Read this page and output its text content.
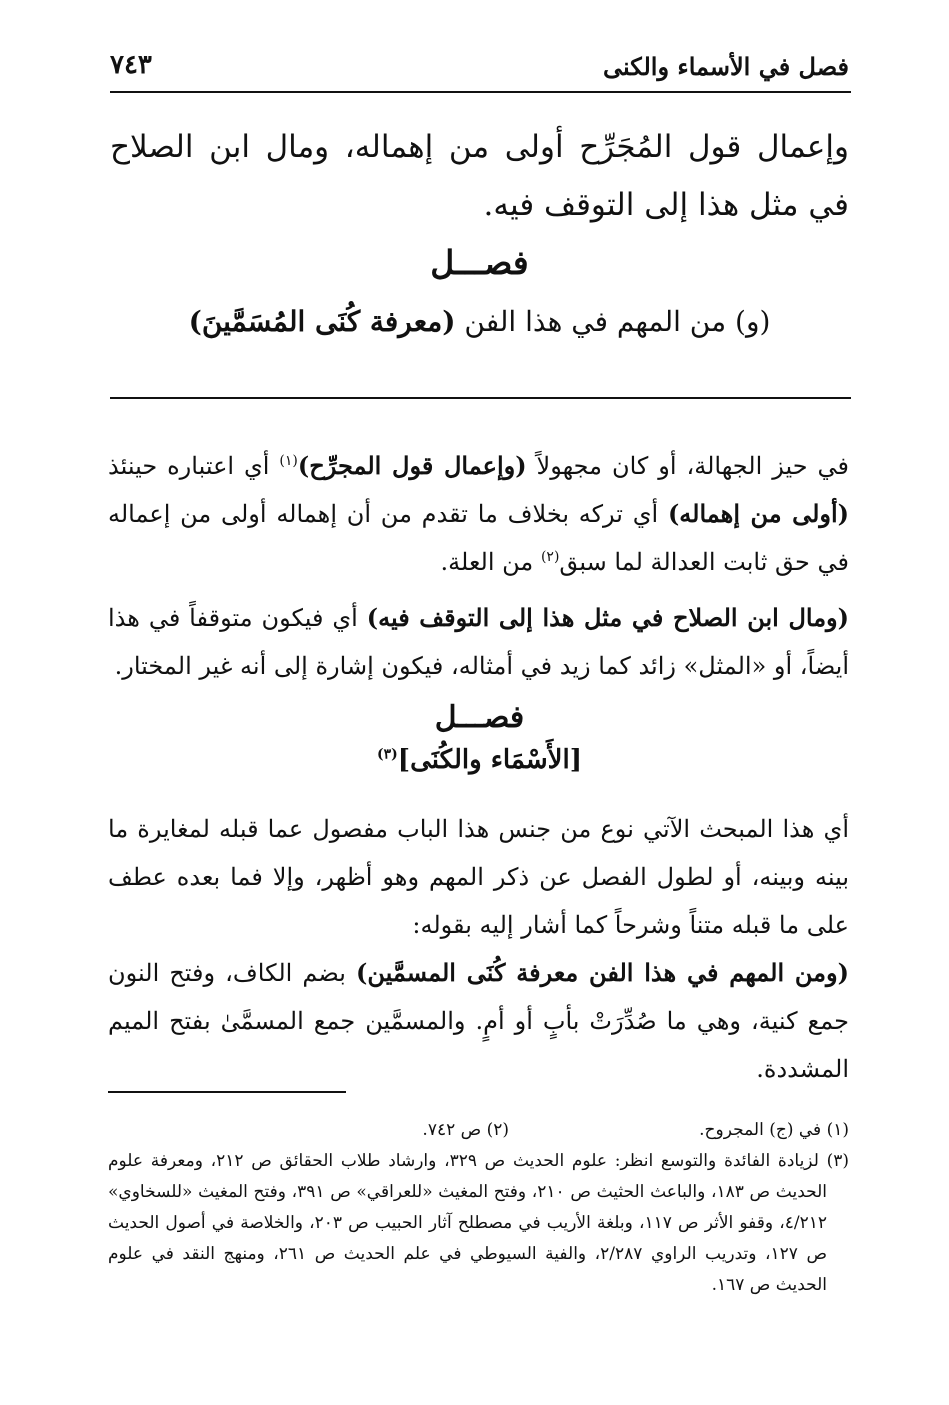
فصل في الأسماء والكنى
٧٤٣

وإعمال قول المُجَرِّح أولى من إهماله، ومال ابن الصلاح في مثل هذا إلى التوقف فيه.

فصـــل
(و) من المهم في هذا الفن (معرفة كُنَى المُسَمَّينَ)

في حيز الجهالة، أو كان مجهولاً (وإعمال قول المجرِّح)$^{(١)}$ أي اعتباره حينئذ (أولى من إهماله) أي تركه بخلاف ما تقدم من أن إهماله أولى من إعماله في حق ثابت العدالة لما سبق$^{(٢)}$ من العلة.

(ومال ابن الصلاح في مثل هذا إلى التوقف فيه) أي فيكون متوقفاً في هذا أيضاً، أو «المثل» زائد كما زيد في أمثاله، فيكون إشارة إلى أنه غير المختار.

فصـــل
[الأَسْمَاء والكُنَى]$^{(٣)}$

أي هذا المبحث الآتي نوع من جنس هذا الباب مفصول عما قبله لمغايرة ما بينه وبينه، أو لطول الفصل عن ذكر المهم وهو أظهر، وإلا فما بعده عطف على ما قبله متناً وشرحاً كما أشار إليه بقوله:

(ومن المهم في هذا الفن معرفة كُنَى المسمَّين) بضم الكاف، وفتح النون جمع كنية، وهي ما صُدِّرَتْ بأبٍ أو أمٍ. والمسمَّين جمع المسمَّىٰ بفتح الميم المشددة.

(١) في (ج) المجروح.
(٢) ص ٧٤٢.
(٣) لزيادة الفائدة والتوسع انظر: علوم الحديث ص ٣٢٩، وارشاد طلاب الحقائق ص ٢١٢، ومعرفة علوم الحديث ص ١٨٣، والباعث الحثيث ص ٢١٠، وفتح المغيث «للعراقي» ص ٣٩١، وفتح المغيث «للسخاوي» ٤/٢١٢، وقفو الأثر ص ١١٧، وبلغة الأريب في مصطلح آثار الحبيب ص ٢٠٣، والخلاصة في أصول الحديث ص ١٢٧، وتدريب الراوي ٢/٢٨٧، والفية السيوطي في علم الحديث ص ٢٦١، ومنهج النقد في علوم الحديث ص ١٦٧.
